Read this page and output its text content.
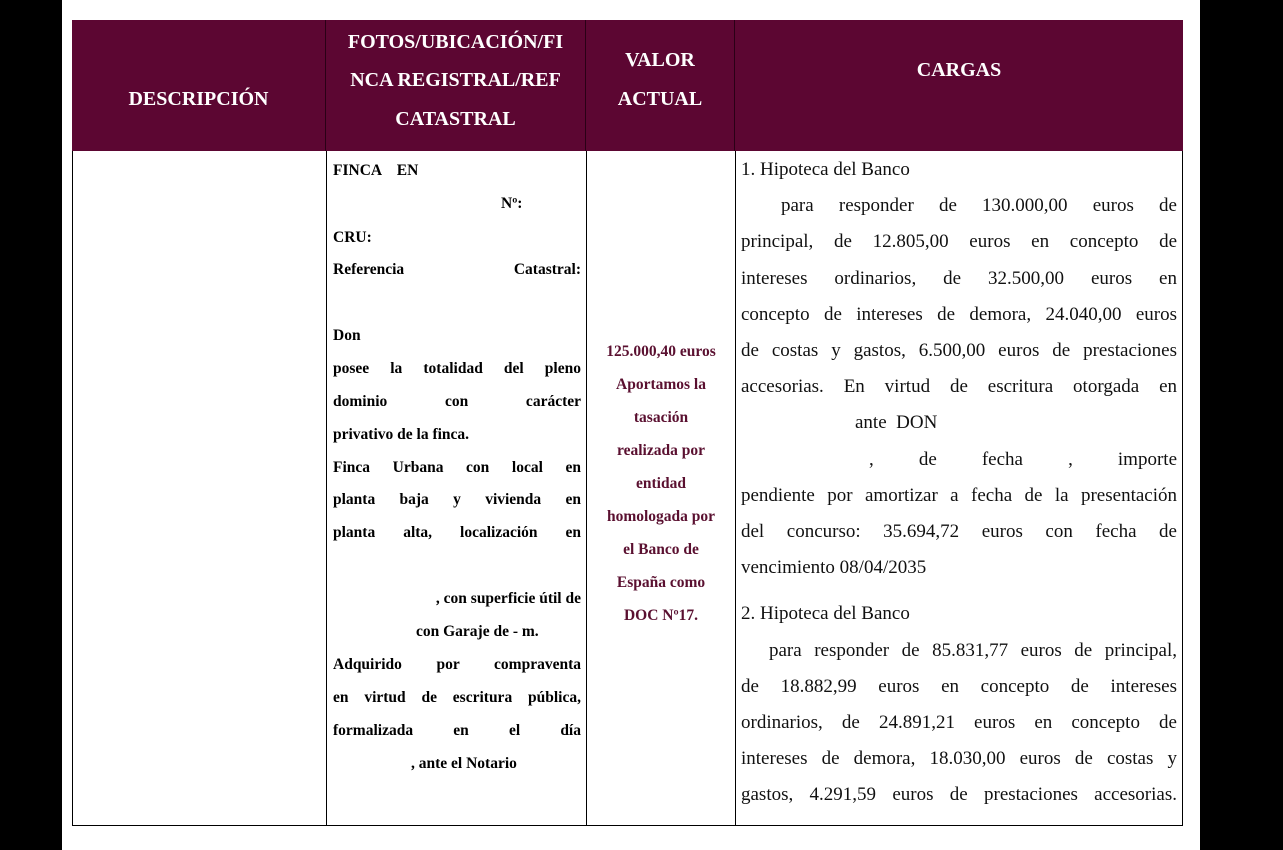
DESCRIPCIÓN
FOTOS/UBICACIÓN/FI
NCA REGISTRAL/REF
CATASTRAL
VALOR
ACTUAL
CARGAS
FINCA    EN
Nº:
CRU:
Referencia Catastral:
Don
posee la totalidad del pleno
dominio con carácter
privativo de la finca.
Finca Urbana con local en
planta baja y vivienda en
planta alta, localización en
, con superficie útil de
con Garaje de - m.
Adquirido por compraventa
en virtud de escritura pública,
formalizada en el día
, ante el Notario
125.000,40 euros
Aportamos la
tasación
realizada por
entidad
homologada por
el Banco de
España como
DOC Nº17.
1. Hipoteca del Banco
para responder de 130.000,00 euros de
principal, de 12.805,00 euros en concepto de
intereses ordinarios, de 32.500,00 euros en
concepto de intereses de demora, 24.040,00 euros
de costas y gastos, 6.500,00 euros de prestaciones
accesorias. En virtud de escritura otorgada en
ante  DON
, de fecha , importe
pendiente por amortizar a fecha de la presentación
del concurso: 35.694,72 euros con fecha de
vencimiento 08/04/2035
2. Hipoteca del Banco
para responder de 85.831,77 euros de principal,
de 18.882,99 euros en concepto de intereses
ordinarios, de 24.891,21 euros en concepto de
intereses de demora, 18.030,00 euros de costas y
gastos, 4.291,59 euros de prestaciones accesorias.
